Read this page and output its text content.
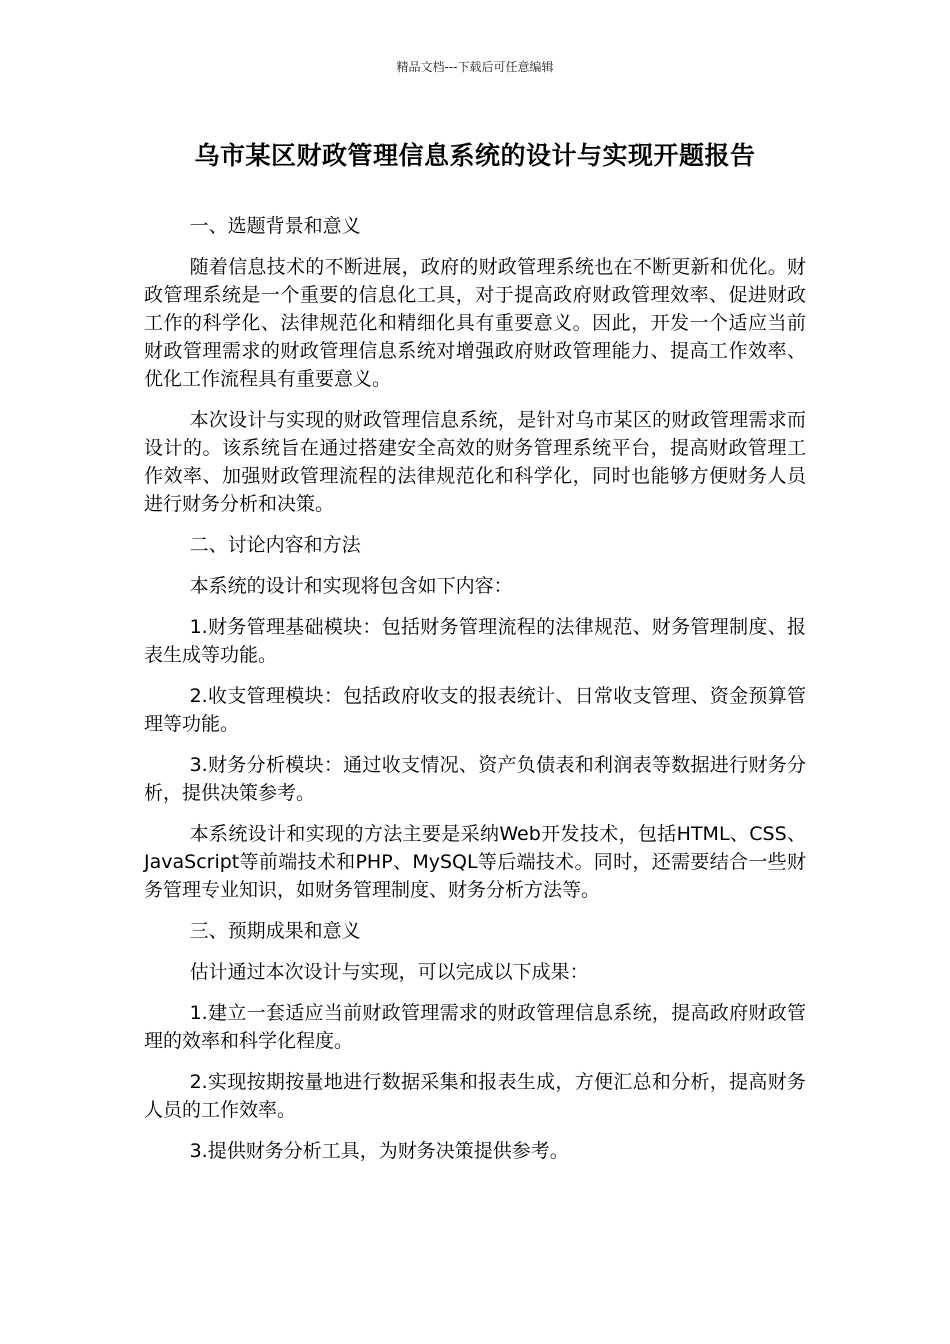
精品文档---下载后可任意编辑
乌市某区财政管理信息系统的设计与实现开题报告

一、选题背景和意义

随着信息技术的不断进展，政府的财政管理系统也在不断更新和优化。财政管理系统是一个重要的信息化工具，对于提高政府财政管理效率、促进财政工作的科学化、法律规范化和精细化具有重要意义。因此，开发一个适应当前财政管理需求的财政管理信息系统对增强政府财政管理能力、提高工作效率、优化工作流程具有重要意义。

本次设计与实现的财政管理信息系统，是针对乌市某区的财政管理需求而设计的。该系统旨在通过搭建安全高效的财务管理系统平台，提高财政管理工作效率、加强财政管理流程的法律规范化和科学化，同时也能够方便财务人员进行财务分析和决策。

二、讨论内容和方法

本系统的设计和实现将包含如下内容：

1.财务管理基础模块：包括财务管理流程的法律规范、财务管理制度、报表生成等功能。

2.收支管理模块：包括政府收支的报表统计、日常收支管理、资金预算管理等功能。

3.财务分析模块：通过收支情况、资产负债表和利润表等数据进行财务分析，提供决策参考。

本系统设计和实现的方法主要是采纳Web开发技术，包括HTML、CSS、JavaScript等前端技术和PHP、MySQL等后端技术。同时，还需要结合一些财务管理专业知识，如财务管理制度、财务分析方法等。

三、预期成果和意义

估计通过本次设计与实现，可以完成以下成果：

1.建立一套适应当前财政管理需求的财政管理信息系统，提高政府财政管理的效率和科学化程度。

2.实现按期按量地进行数据采集和报表生成，方便汇总和分析，提高财务人员的工作效率。

3.提供财务分析工具，为财务决策提供参考。
